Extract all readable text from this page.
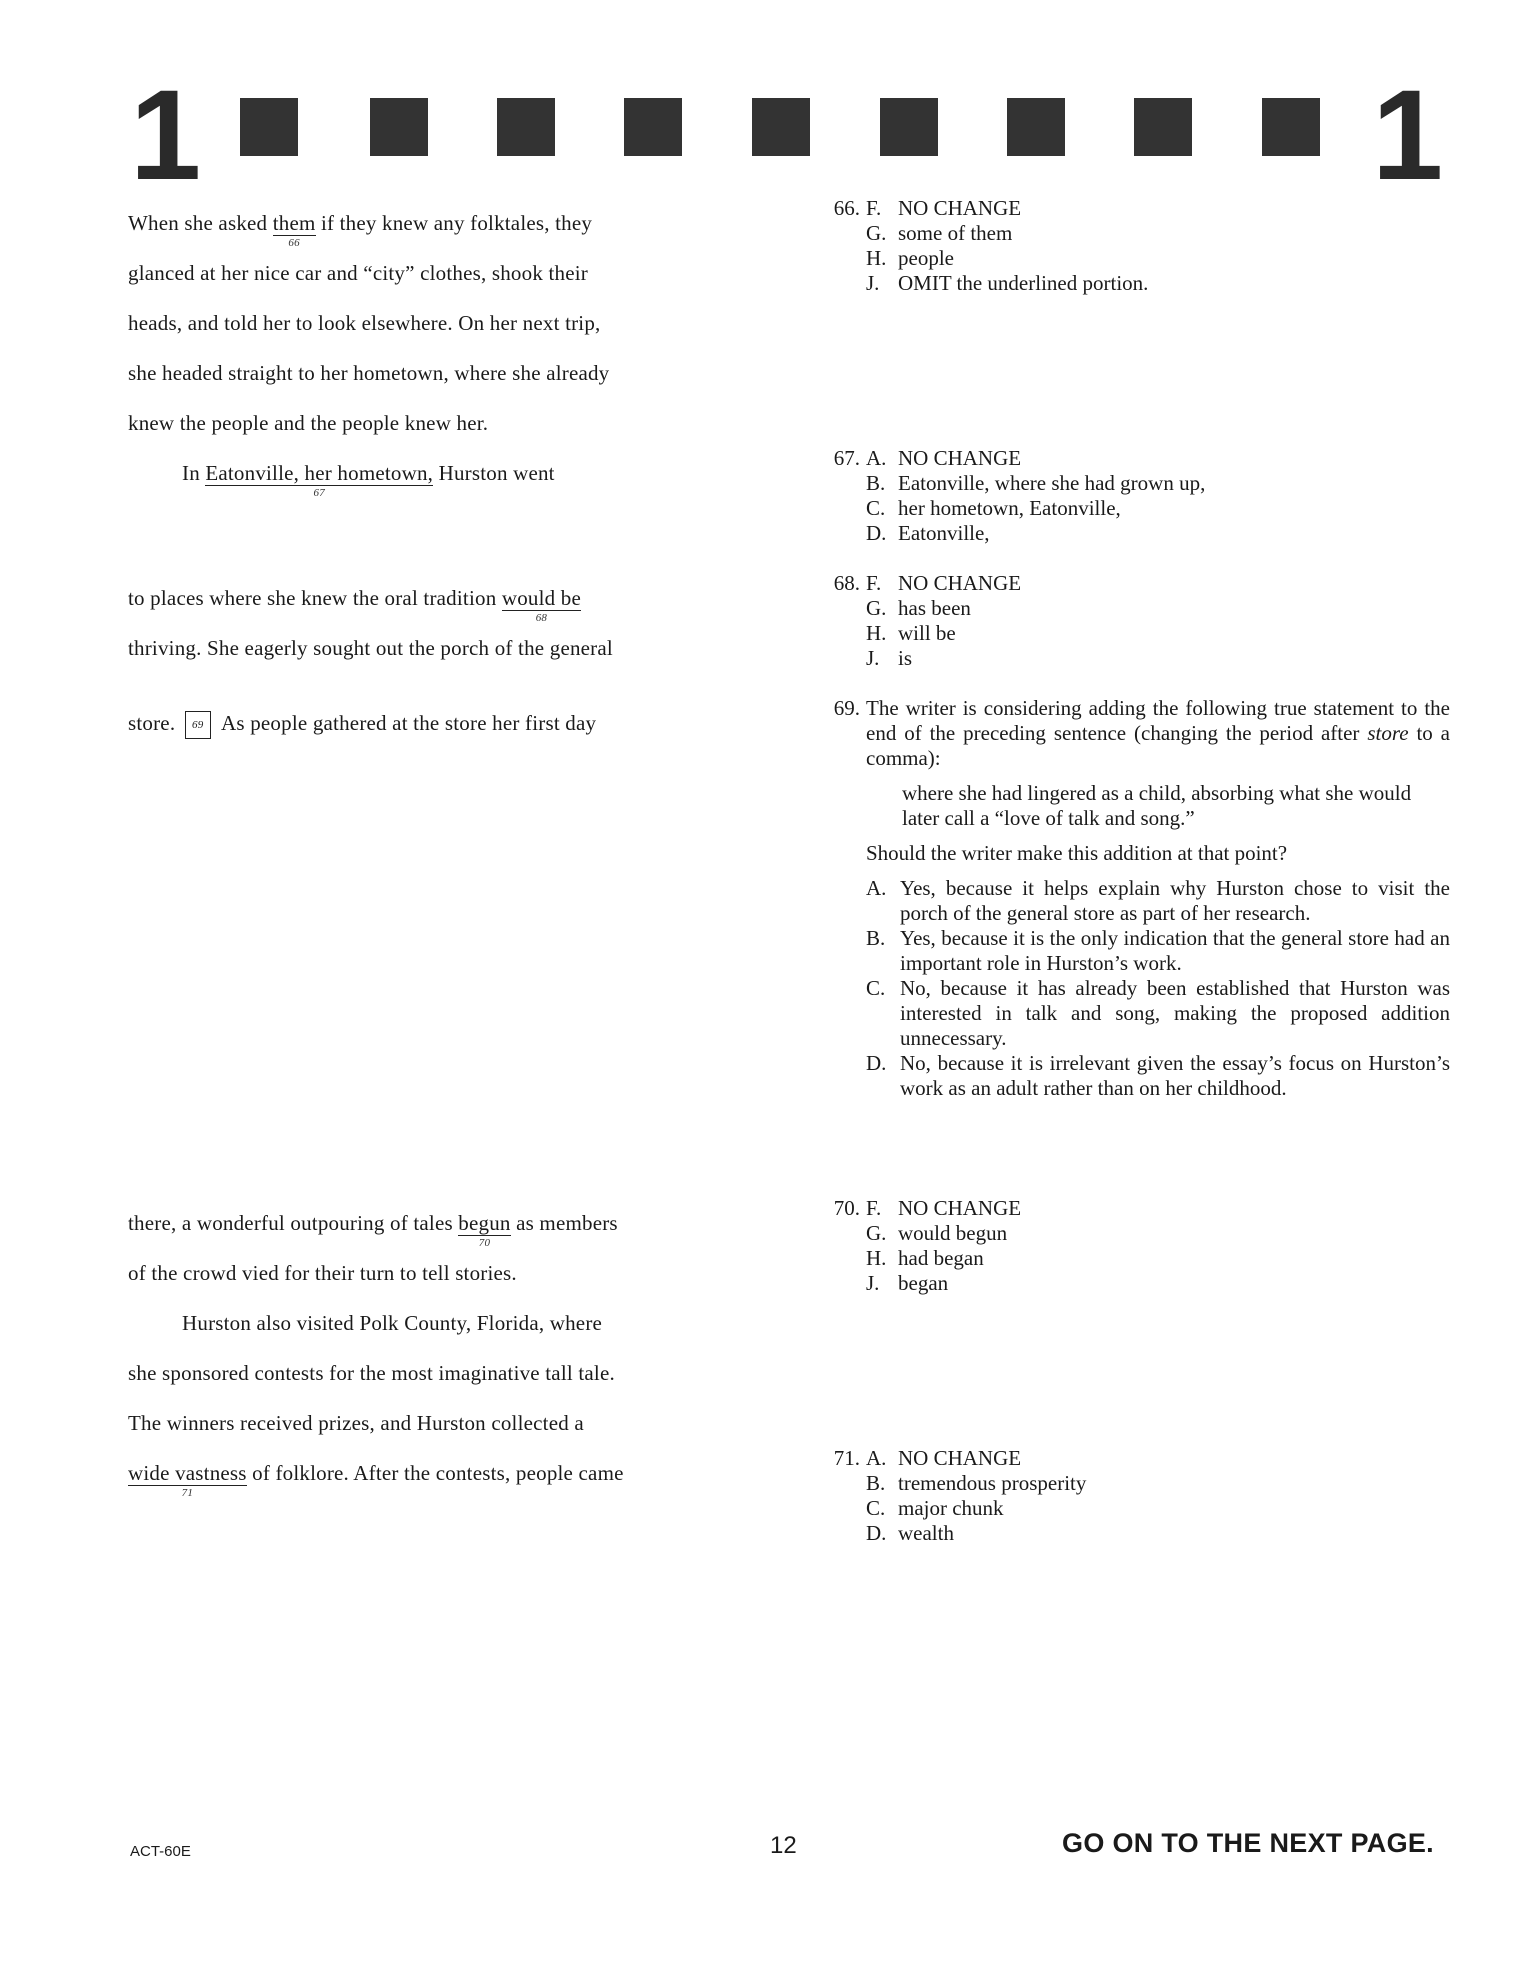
1	1
When she asked them
66
if they knew any folktales, they
glanced at her nice car and “city” clothes, shook their
heads, and told her to look elsewhere. On her next trip,
she headed straight to her hometown, where she already
knew the people and the people knew her.
In Eatonville, her hometown,
67
Hurston went
to places where she knew the oral tradition would be
68
thriving. She eagerly sought out the porch of the general
store. 69 As people gathered at the store her first day
there, a wonderful outpouring of tales begun
70
as members
of the crowd vied for their turn to tell stories.
Hurston also visited Polk County, Florida, where
she sponsored contests for the most imaginative tall tale.
The winners received prizes, and Hurston collected a
wide vastness
71
of folklore. After the contests, people came
66. F. NO CHANGE
G. some of them
H. people
J. OMIT the underlined portion.
67. A. NO CHANGE
B. Eatonville, where she had grown up,
C. her hometown, Eatonville,
D. Eatonville,
68. F. NO CHANGE
G. has been
H. will be
J. is
69. The writer is considering adding the following true statement to the end of the preceding sentence (changing the period after store to a comma):
where she had lingered as a child, absorbing what she would later call a “love of talk and song.”
Should the writer make this addition at that point?
A. Yes, because it helps explain why Hurston chose to visit the porch of the general store as part of her research.
B. Yes, because it is the only indication that the general store had an important role in Hurston’s work.
C. No, because it has already been established that Hurston was interested in talk and song, making the proposed addition unnecessary.
D. No, because it is irrelevant given the essay’s focus on Hurston’s work as an adult rather than on her childhood.
70. F. NO CHANGE
G. would begun
H. had began
J. began
71. A. NO CHANGE
B. tremendous prosperity
C. major chunk
D. wealth
ACT-60E	12	GO ON TO THE NEXT PAGE.
